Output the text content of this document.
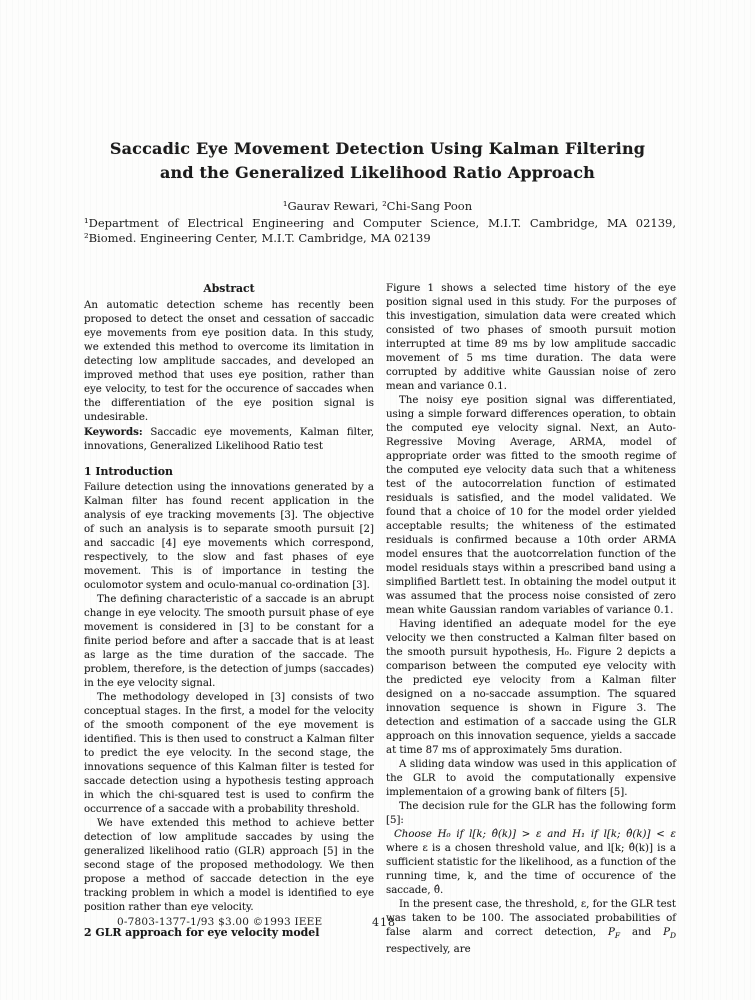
Saccadic Eye Movement Detection Using Kalman Filtering
and the Generalized Likelihood Ratio Approach
¹Gaurav Rewari, ²Chi-Sang Poon
¹Department of Electrical Engineering and Computer Science, M.I.T. Cambridge, MA 02139, ²Biomed. Engineering Center, M.I.T. Cambridge, MA 02139
Abstract

An automatic detection scheme has recently been proposed to detect the onset and cessation of saccadic eye movements from eye position data. In this study, we extended this method to overcome its limitation in detecting low amplitude saccades, and developed an improved method that uses eye position, rather than eye velocity, to test for the occurence of saccades when the differentiation of the eye position signal is undesirable.

Keywords: Saccadic eye movements, Kalman filter, innovations, Generalized Likelihood Ratio test

1 Introduction

Failure detection using the innovations generated by a Kalman filter has found recent application in the analysis of eye tracking movements [3]. The objective of such an analysis is to separate smooth pursuit [2] and saccadic [4] eye movements which correspond, respectively, to the slow and fast phases of eye movement. This is of importance in testing the oculomotor system and oculo-manual co-ordination [3].

The defining characteristic of a saccade is an abrupt change in eye velocity. The smooth pursuit phase of eye movement is considered in [3] to be constant for a finite period before and after a saccade that is at least as large as the time duration of the saccade. The problem, therefore, is the detection of jumps (saccades) in the eye velocity signal.

The methodology developed in [3] consists of two conceptual stages. In the first, a model for the velocity of the smooth component of the eye movement is identified. This is then used to construct a Kalman filter to predict the eye velocity. In the second stage, the innovations sequence of this Kalman filter is tested for saccade detection using a hypothesis testing approach in which the chi-squared test is used to confirm the occurrence of a saccade with a probability threshold.

We have extended this method to achieve better detection of low amplitude saccades by using the generalized likelihood ratio (GLR) approach [5] in the second stage of the proposed methodology. We then propose a method of saccade detection in the eye tracking problem in which a model is identified to eye position rather than eye velocity.

2 GLR approach for eye velocity model

Figure 1 shows a selected time history of the eye position signal used in this study. For the purposes of this investigation, simulation data were created which consisted of two phases of smooth pursuit motion interrupted at time 89 ms by low amplitude saccadic movement of 5 ms time duration. The data were corrupted by additive white Gaussian noise of zero mean and variance 0.1.

The noisy eye position signal was differentiated, using a simple forward differences operation, to obtain the computed eye velocity signal. Next, an Auto-Regressive Moving Average, ARMA, model of appropriate order was fitted to the smooth regime of the computed eye velocity data such that a whiteness test of the autocorrelation function of estimated residuals is satisfied, and the model validated. We found that a choice of 10 for the model order yielded acceptable results; the whiteness of the estimated residuals is confirmed because a 10th order ARMA model ensures that the auotcorrelation function of the model residuals stays within a prescribed band using a simplified Bartlett test. In obtaining the model output it was assumed that the process noise consisted of zero mean white Gaussian random variables of variance 0.1.

Having identified an adequate model for the eye velocity we then constructed a Kalman filter based on the smooth pursuit hypothesis, H₀. Figure 2 depicts a comparison between the computed eye velocity with the predicted eye velocity from a Kalman filter designed on a no-saccade assumption. The squared innovation sequence is shown in Figure 3. The detection and estimation of a saccade using the GLR approach on this innovation sequence, yields a saccade at time 87 ms of approximately 5ms duration.

A sliding data window was used in this application of the GLR to avoid the computationally expensive implementaion of a growing bank of filters [5].

The decision rule for the GLR has the following form [5]:

Choose H₀ if l[k; θ̂(k)] > ε and H₁ if l[k; θ̂(k)] < ε where ε is a chosen threshold value, and l[k; θ̂(k)] is a sufficient statistic for the likelihood, as a function of the running time, k, and the time of occurence of the saccade, θ̂.

In the present case, the threshold, ε, for the GLR test was taken to be 100. The associated probabilities of false alarm and correct detection, $P_F$ and $P_D$ respectively, are

0-7803-1377-1/93 $3.00 ©1993 IEEE	418
